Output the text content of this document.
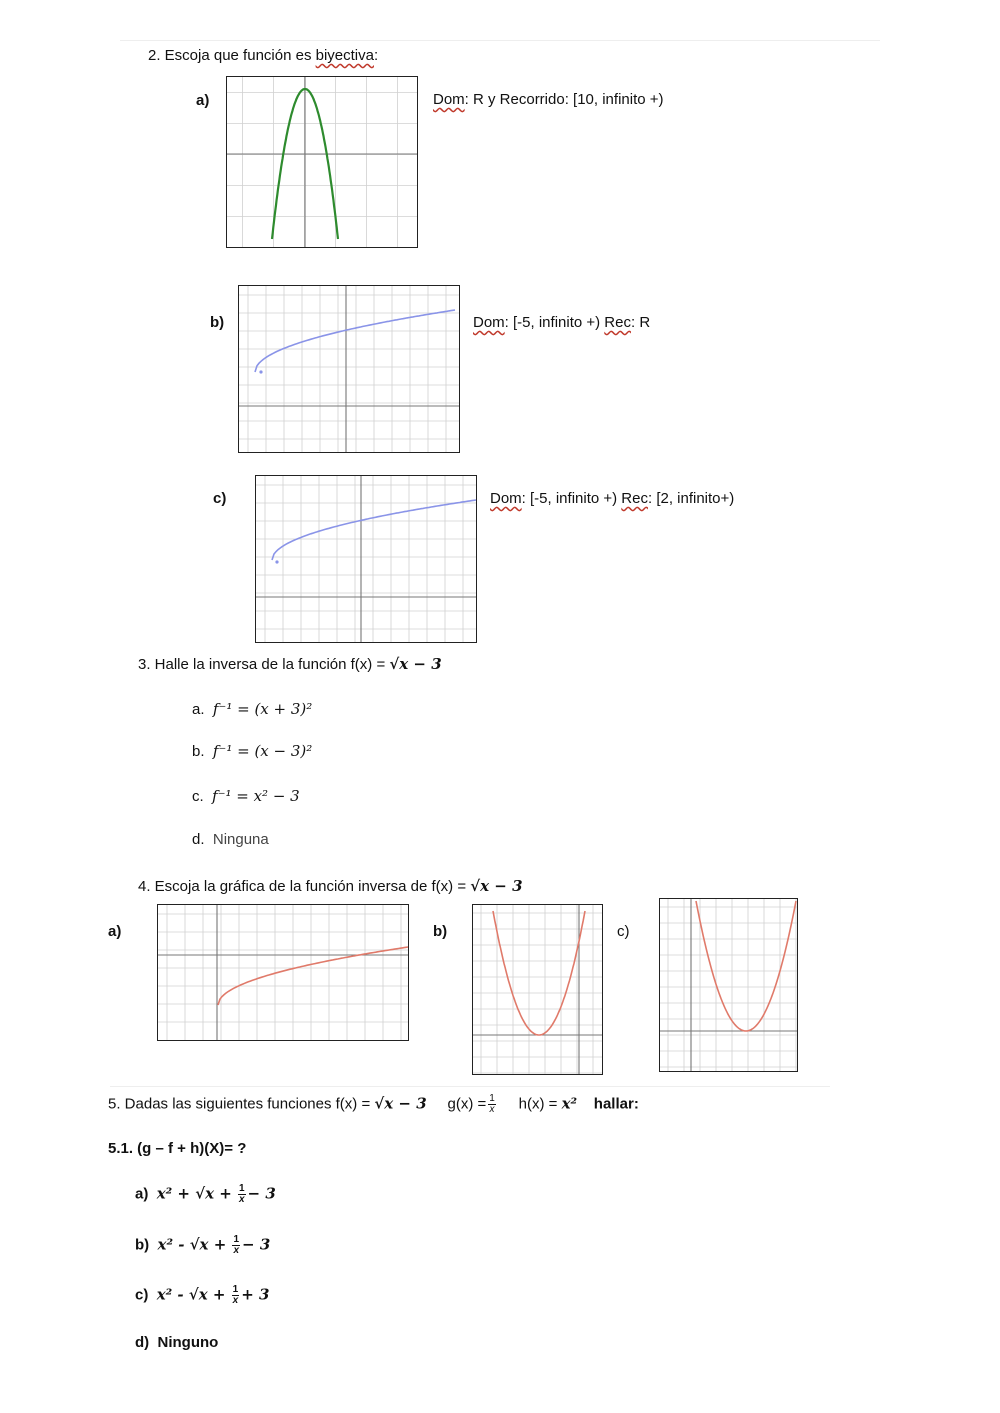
2. Escoja que función es biyectiva:
a)	Dom: R y Recorrido: [10, infinito +)
b)	Dom: [-5, infinito +) Rec: R
c)	Dom: [-5, infinito +) Rec: [2, infinito+)
3. Halle la inversa de la función f(x) = √x − 3
a. f⁻¹ = (x + 3)²
b. f⁻¹ = (x − 3)²
c. f⁻¹ = x² − 3
d. Ninguna
4. Escoja la gráfica de la función inversa de f(x) = √x − 3
a)	b)	c)
5. Dadas las siguientes funciones f(x) = √x − 3 $g(x) = \frac{1}{x} h(x) = x^2$ hallar:
5.1. (g – f + h)(X)= ?
a) $x^2 + √x + \frac{1}{x} - 3$
b) $x^2 - √x + \frac{1}{x} - 3$
c) $x^2 - √x + \frac{1}{x} + 3$
d) Ninguno
